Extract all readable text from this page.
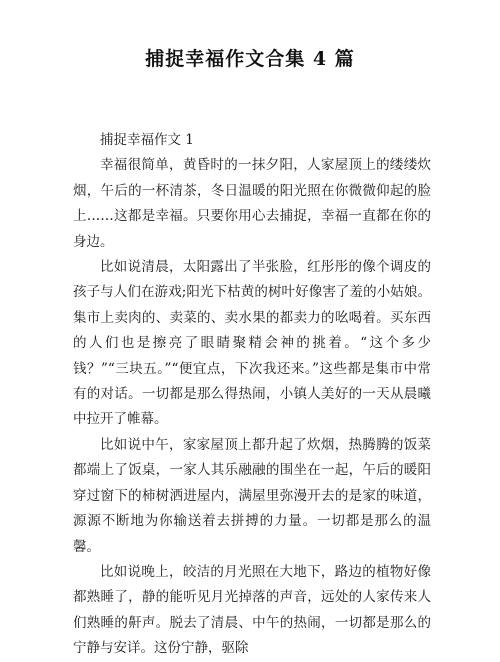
捕捉幸福作文合集 4 篇

捕捉幸福作文 1

幸福很简单，黄昏时的一抹夕阳，人家屋顶上的缕缕炊烟，午后的一杯清茶，冬日温暖的阳光照在你微微仰起的脸上……这都是幸福。只要你用心去捕捉，幸福一直都在你的身边。

比如说清晨，太阳露出了半张脸，红彤彤的像个调皮的孩子与人们在游戏;阳光下枯黄的树叶好像害了羞的小姑娘。集市上卖肉的、卖菜的、卖水果的都卖力的吆喝着。买东西的人们也是擦亮了眼睛聚精会神的挑着。“这个多少钱？”“三块五。”“便宜点，下次我还来。”这些都是集市中常有的对话。一切都是那么得热闹，小镇人美好的一天从晨曦中拉开了帷幕。

比如说中午，家家屋顶上都升起了炊烟，热腾腾的饭菜都端上了饭桌，一家人其乐融融的围坐在一起，午后的暖阳穿过窗下的柿树洒进屋内，满屋里弥漫开去的是家的味道，源源不断地为你输送着去拼搏的力量。一切都是那么的温馨。

比如说晚上，皎洁的月光照在大地下，路边的植物好像都熟睡了，静的能听见月光掉落的声音，远处的人家传来人们熟睡的鼾声。脱去了清晨、中午的热闹，一切都是那么的宁静与安详。这份宁静，驱除
